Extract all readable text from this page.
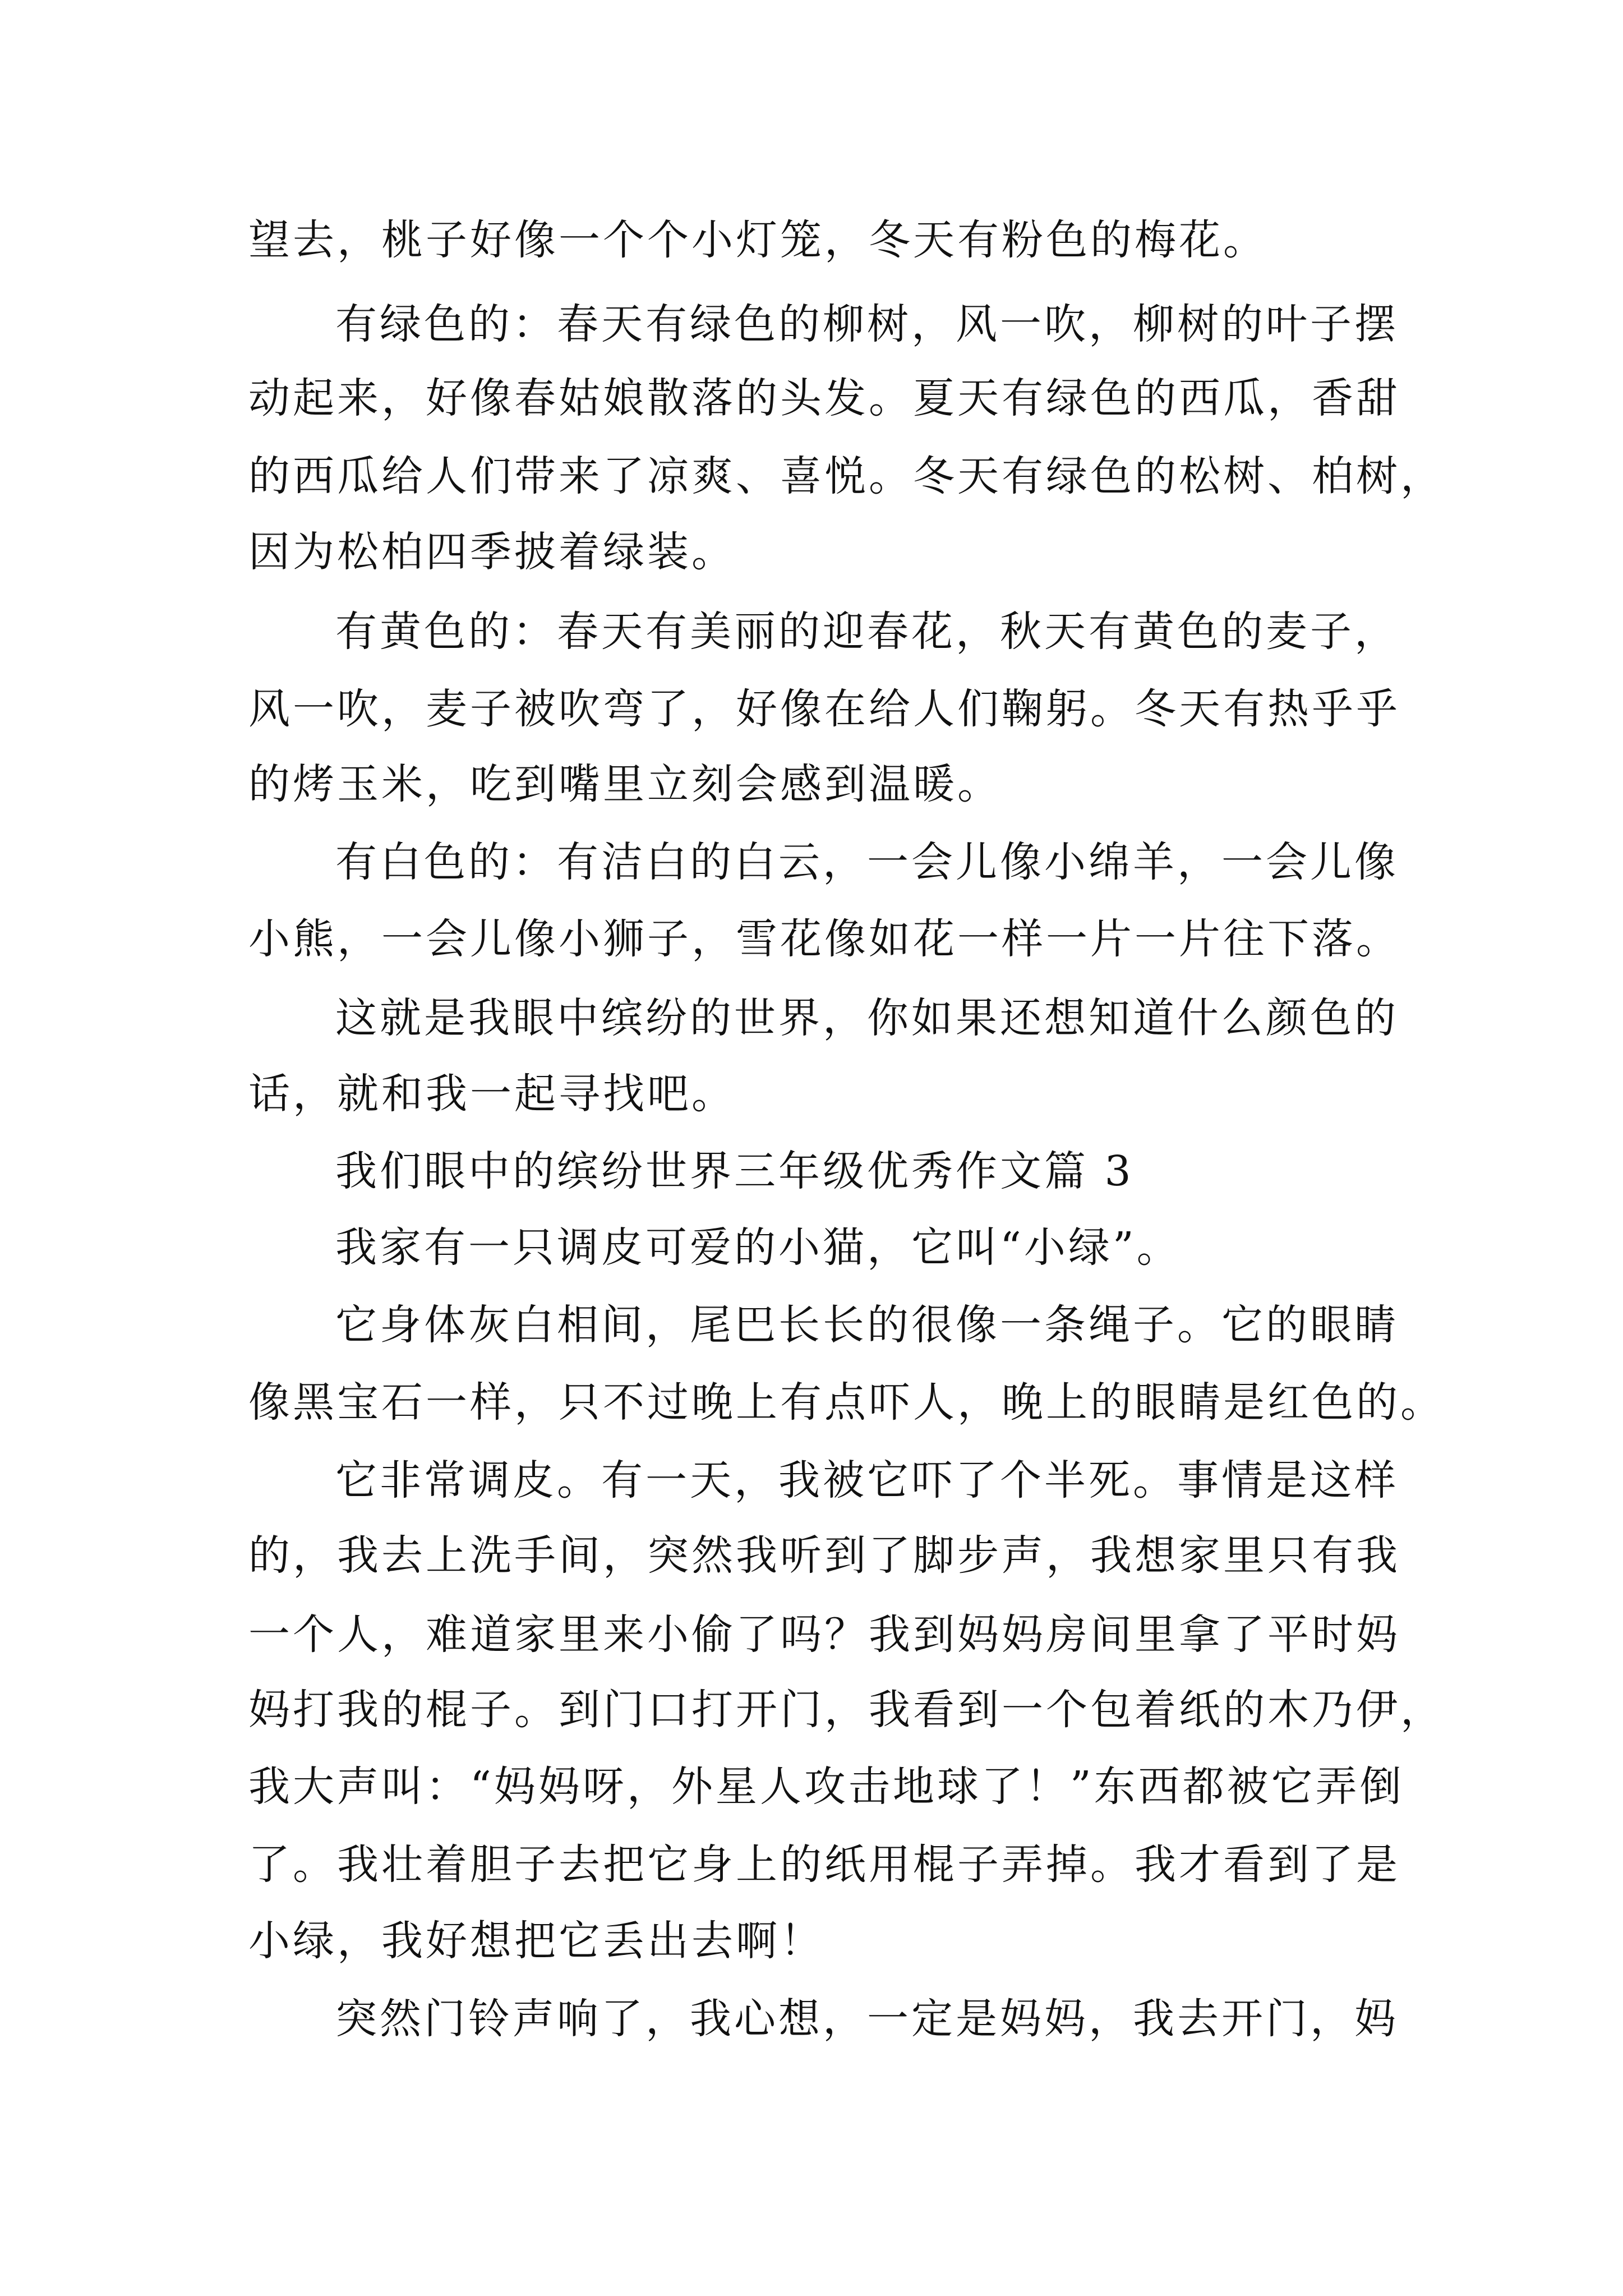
望去，桃子好像一个个小灯笼，冬天有粉色的梅花。
有绿色的：春天有绿色的柳树，风一吹，柳树的叶子摆
动起来，好像春姑娘散落的头发。夏天有绿色的西瓜，香甜
的西瓜给人们带来了凉爽、喜悦。冬天有绿色的松树、柏树，
因为松柏四季披着绿装。
有黄色的：春天有美丽的迎春花，秋天有黄色的麦子，
风一吹，麦子被吹弯了，好像在给人们鞠躬。冬天有热乎乎
的烤玉米，吃到嘴里立刻会感到温暖。
有白色的：有洁白的白云，一会儿像小绵羊，一会儿像
小熊，一会儿像小狮子，雪花像如花一样一片一片往下落。
这就是我眼中缤纷的世界，你如果还想知道什么颜色的
话，就和我一起寻找吧。
我们眼中的缤纷世界三年级优秀作文篇 3
我家有一只调皮可爱的小猫，它叫“小绿”。
它身体灰白相间，尾巴长长的很像一条绳子。它的眼睛
像黑宝石一样，只不过晚上有点吓人，晚上的眼睛是红色的。
它非常调皮。有一天，我被它吓了个半死。事情是这样
的，我去上洗手间，突然我听到了脚步声，我想家里只有我
一个人，难道家里来小偷了吗？我到妈妈房间里拿了平时妈
妈打我的棍子。到门口打开门，我看到一个包着纸的木乃伊，
我大声叫：“妈妈呀，外星人攻击地球了！”东西都被它弄倒
了。我壮着胆子去把它身上的纸用棍子弄掉。我才看到了是
小绿，我好想把它丢出去啊！
突然门铃声响了，我心想，一定是妈妈，我去开门，妈
